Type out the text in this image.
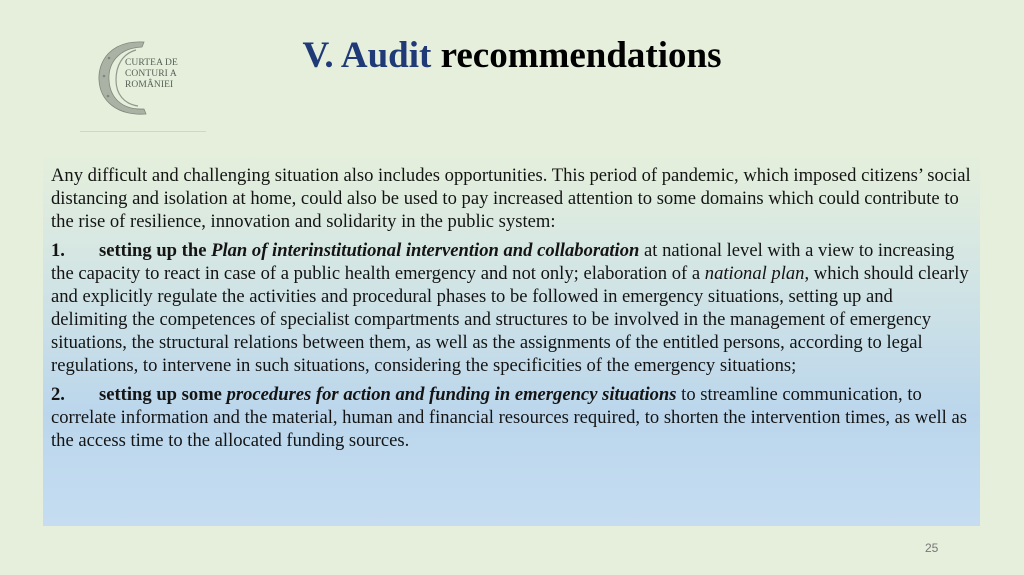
CURTEA DE
CONTURI A
ROMÂNIEI
V. Audit recommendations

Any difficult and challenging situation also includes opportunities. This period of pandemic, which imposed citizens’ social distancing and isolation at home, could also be used to pay increased attention to some domains which could contribute to the rise of resilience, innovation and solidarity in the public system:

1. setting up the Plan of interinstitutional intervention and collaboration at national level with a view to increasing the capacity to react in case of a public health emergency and not only; elaboration of a national plan, which should clearly and explicitly regulate the activities and procedural phases to be followed in emergency situations, setting up and delimiting the competences of specialist compartments and structures to be involved in the management of emergency situations, the structural relations between them, as well as the assignments of the entitled persons, according to legal regulations, to intervene in such situations, considering the specificities of the emergency situations;

2. setting up some procedures for action and funding in emergency situations to streamline communication, to correlate information and the material, human and financial resources required, to shorten the intervention times, as well as the access time to the allocated funding sources.

25
